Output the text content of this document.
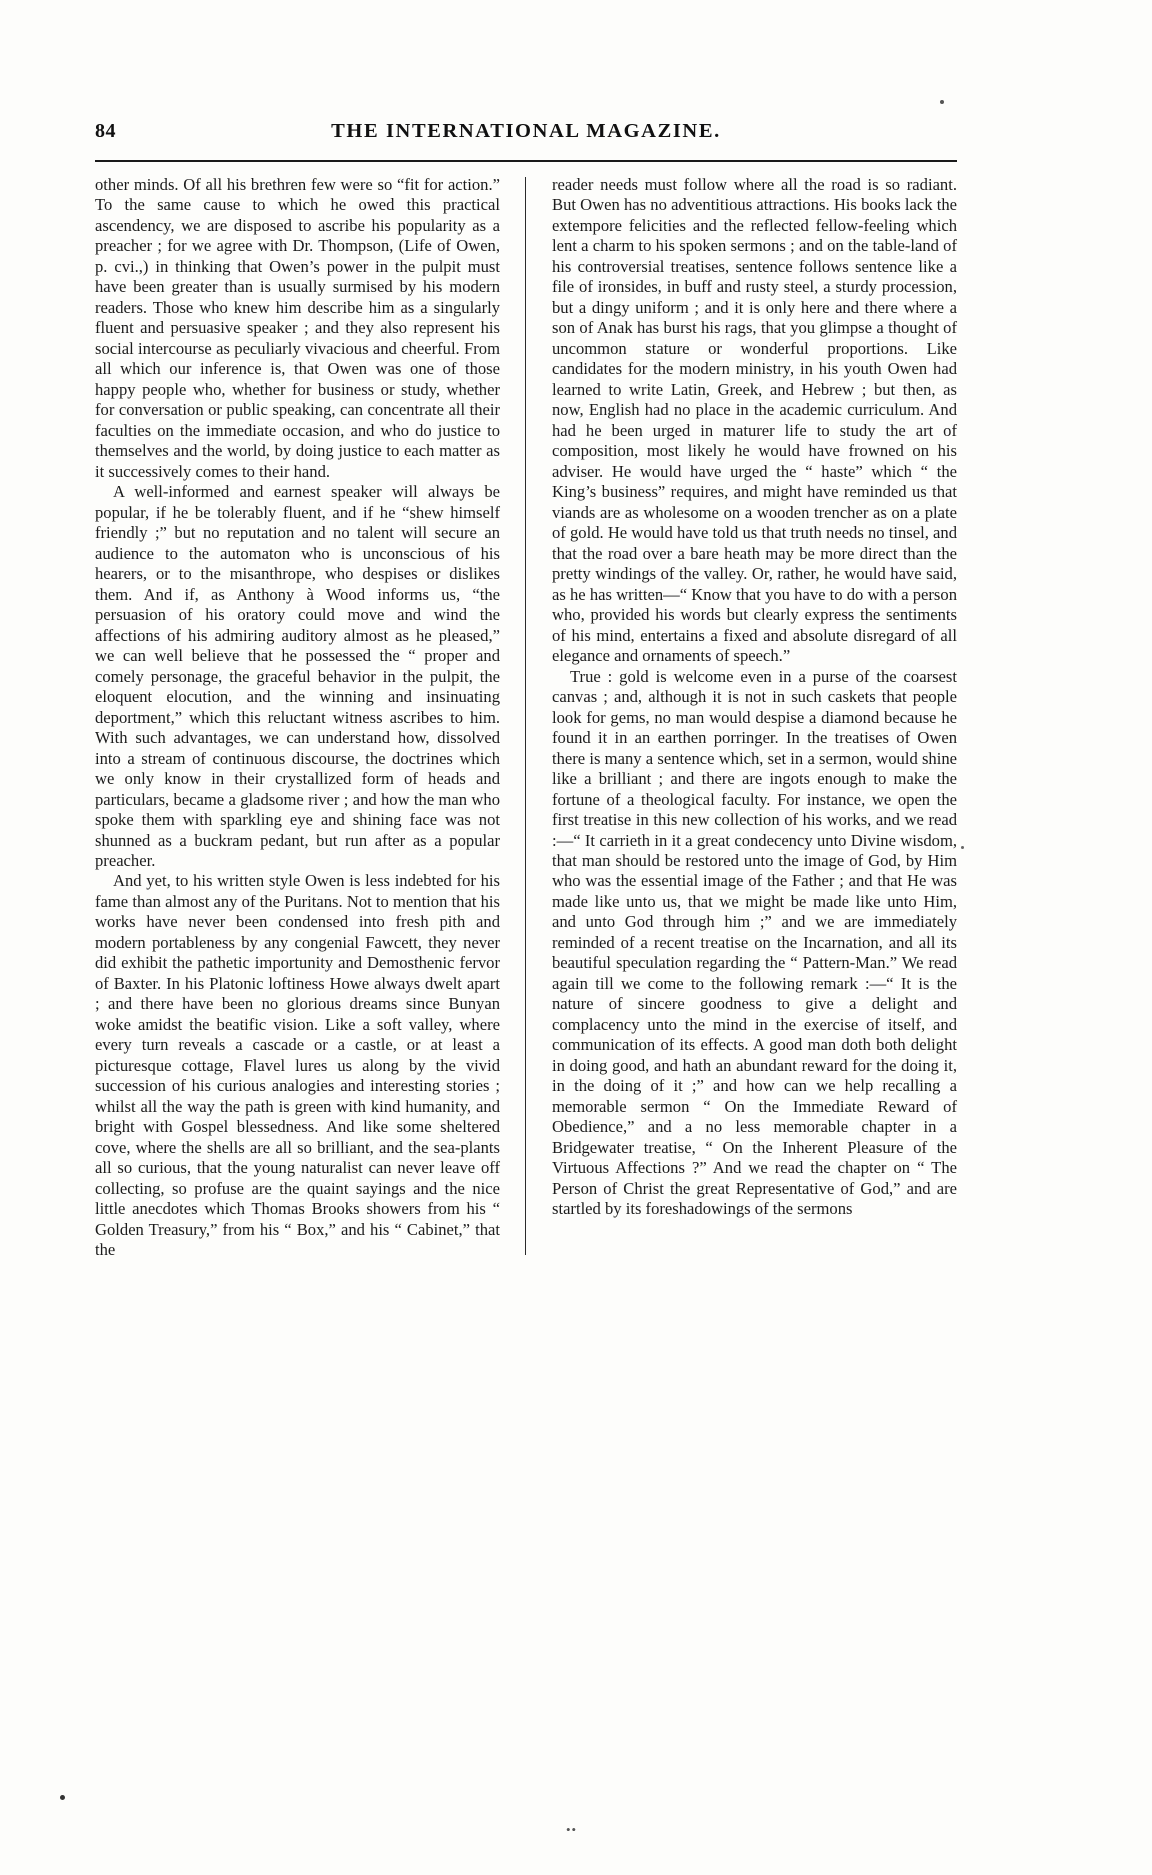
84	THE INTERNATIONAL MAGAZINE.

other minds. Of all his brethren few were so “fit for action.” To the same cause to which he owed this practical ascendency, we are disposed to ascribe his popularity as a preacher ; for we agree with Dr. Thompson, (Life of Owen, p. cvi.,) in thinking that Owen’s power in the pulpit must have been greater than is usually surmised by his modern readers. Those who knew him describe him as a singularly fluent and persuasive speaker ; and they also represent his social intercourse as peculiarly vivacious and cheerful. From all which our inference is, that Owen was one of those happy people who, whether for business or study, whether for conversation or public speaking, can concentrate all their faculties on the immediate occasion, and who do justice to themselves and the world, by doing justice to each matter as it successively comes to their hand.

A well-informed and earnest speaker will always be popular, if he be tolerably fluent, and if he “shew himself friendly ;” but no reputation and no talent will secure an audience to the automaton who is unconscious of his hearers, or to the misanthrope, who despises or dislikes them. And if, as Anthony à Wood informs us, “the persuasion of his oratory could move and wind the affections of his admiring auditory almost as he pleased,” we can well believe that he possessed the “ proper and comely personage, the graceful behavior in the pulpit, the eloquent elocution, and the winning and insinuating deportment,” which this reluctant witness ascribes to him. With such advantages, we can understand how, dissolved into a stream of continuous discourse, the doctrines which we only know in their crystallized form of heads and particulars, became a gladsome river ; and how the man who spoke them with sparkling eye and shining face was not shunned as a buckram pedant, but run after as a popular preacher.

And yet, to his written style Owen is less indebted for his fame than almost any of the Puritans. Not to mention that his works have never been condensed into fresh pith and modern portableness by any congenial Fawcett, they never did exhibit the pathetic importunity and Demosthenic fervor of Baxter. In his Platonic loftiness Howe always dwelt apart ; and there have been no glorious dreams since Bunyan woke amidst the beatific vision. Like a soft valley, where every turn reveals a cascade or a castle, or at least a picturesque cottage, Flavel lures us along by the vivid succession of his curious analogies and interesting stories ; whilst all the way the path is green with kind humanity, and bright with Gospel blessedness. And like some sheltered cove, where the shells are all so brilliant, and the sea-plants all so curious, that the young naturalist can never leave off collecting, so profuse are the quaint sayings and the nice little anecdotes which Thomas Brooks showers from his “ Golden Treasury,” from his “ Box,” and his “ Cabinet,” that the

reader needs must follow where all the road is so radiant. But Owen has no adventitious attractions. His books lack the extempore felicities and the reflected fellow-feeling which lent a charm to his spoken sermons ; and on the table-land of his controversial treatises, sentence follows sentence like a file of ironsides, in buff and rusty steel, a sturdy procession, but a dingy uniform ; and it is only here and there where a son of Anak has burst his rags, that you glimpse a thought of uncommon stature or wonderful proportions. Like candidates for the modern ministry, in his youth Owen had learned to write Latin, Greek, and Hebrew ; but then, as now, English had no place in the academic curriculum. And had he been urged in maturer life to study the art of composition, most likely he would have frowned on his adviser. He would have urged the “ haste” which “ the King’s business” requires, and might have reminded us that viands are as wholesome on a wooden trencher as on a plate of gold. He would have told us that truth needs no tinsel, and that the road over a bare heath may be more direct than the pretty windings of the valley. Or, rather, he would have said, as he has written—“ Know that you have to do with a person who, provided his words but clearly express the sentiments of his mind, entertains a fixed and absolute disregard of all elegance and ornaments of speech.”

True : gold is welcome even in a purse of the coarsest canvas ; and, although it is not in such caskets that people look for gems, no man would despise a diamond because he found it in an earthen porringer. In the treatises of Owen there is many a sentence which, set in a sermon, would shine like a brilliant ; and there are ingots enough to make the fortune of a theological faculty. For instance, we open the first treatise in this new collection of his works, and we read :—“ It carrieth in it a great condecency unto Divine wisdom, that man should be restored unto the image of God, by Him who was the essential image of the Father ; and that He was made like unto us, that we might be made like unto Him, and unto God through him ;” and we are immediately reminded of a recent treatise on the Incarnation, and all its beautiful speculation regarding the “ Pattern-Man.” We read again till we come to the following remark :—“ It is the nature of sincere goodness to give a delight and complacency unto the mind in the exercise of itself, and communication of its effects. A good man doth both delight in doing good, and hath an abundant reward for the doing it, in the doing of it ;” and how can we help recalling a memorable sermon “ On the Immediate Reward of Obedience,” and a no less memorable chapter in a Bridgewater treatise, “ On the Inherent Pleasure of the Virtuous Affections ?” And we read the chapter on “ The Person of Christ the great Representative of God,” and are startled by its foreshadowings of the sermons

••
